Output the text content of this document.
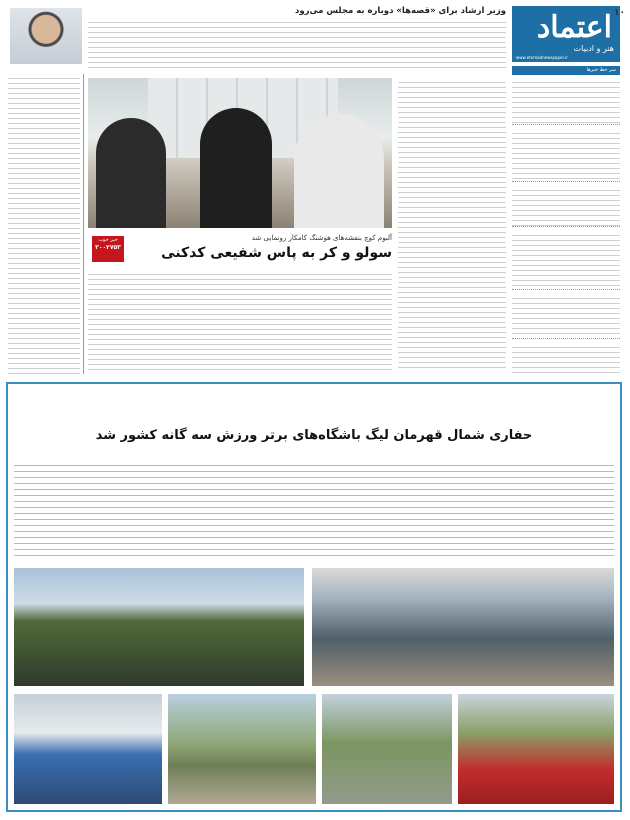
اعتماد
هنر و ادبیات
www.etemadnewspaper.ir
۱۰
سر خط خبرها
وزیر ارشاد برای «قصه‌ها» دوباره به مجلس می‌رود
آلبوم کوچ بنفشه‌های هوشنگ کامکار رونمایی شد
سولو و کر به پاس شفیعی کدکنی
خبر خوب
۳۰۰۲۷۵۳
حفاری شمال قهرمان لیگ باشگاه‌های برتر ورزش سه گانه کشور شد
